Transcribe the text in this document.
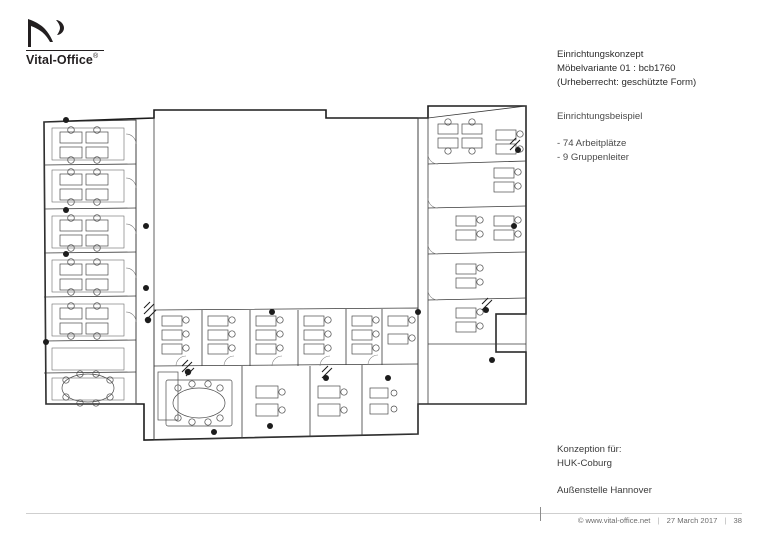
Vital-Office®	Einrichtungskonzept
Möbelvariante 01 : bcb1760
(Urheberrecht: geschützte Form)
Einrichtungsbeispiel
- 74 Arbeitplätze
- 9 Gruppenleiter
Konzeption für:
HUK-Coburg
Außenstelle Hannover
© www.vital-office.net | 27 March 2017 | 38
